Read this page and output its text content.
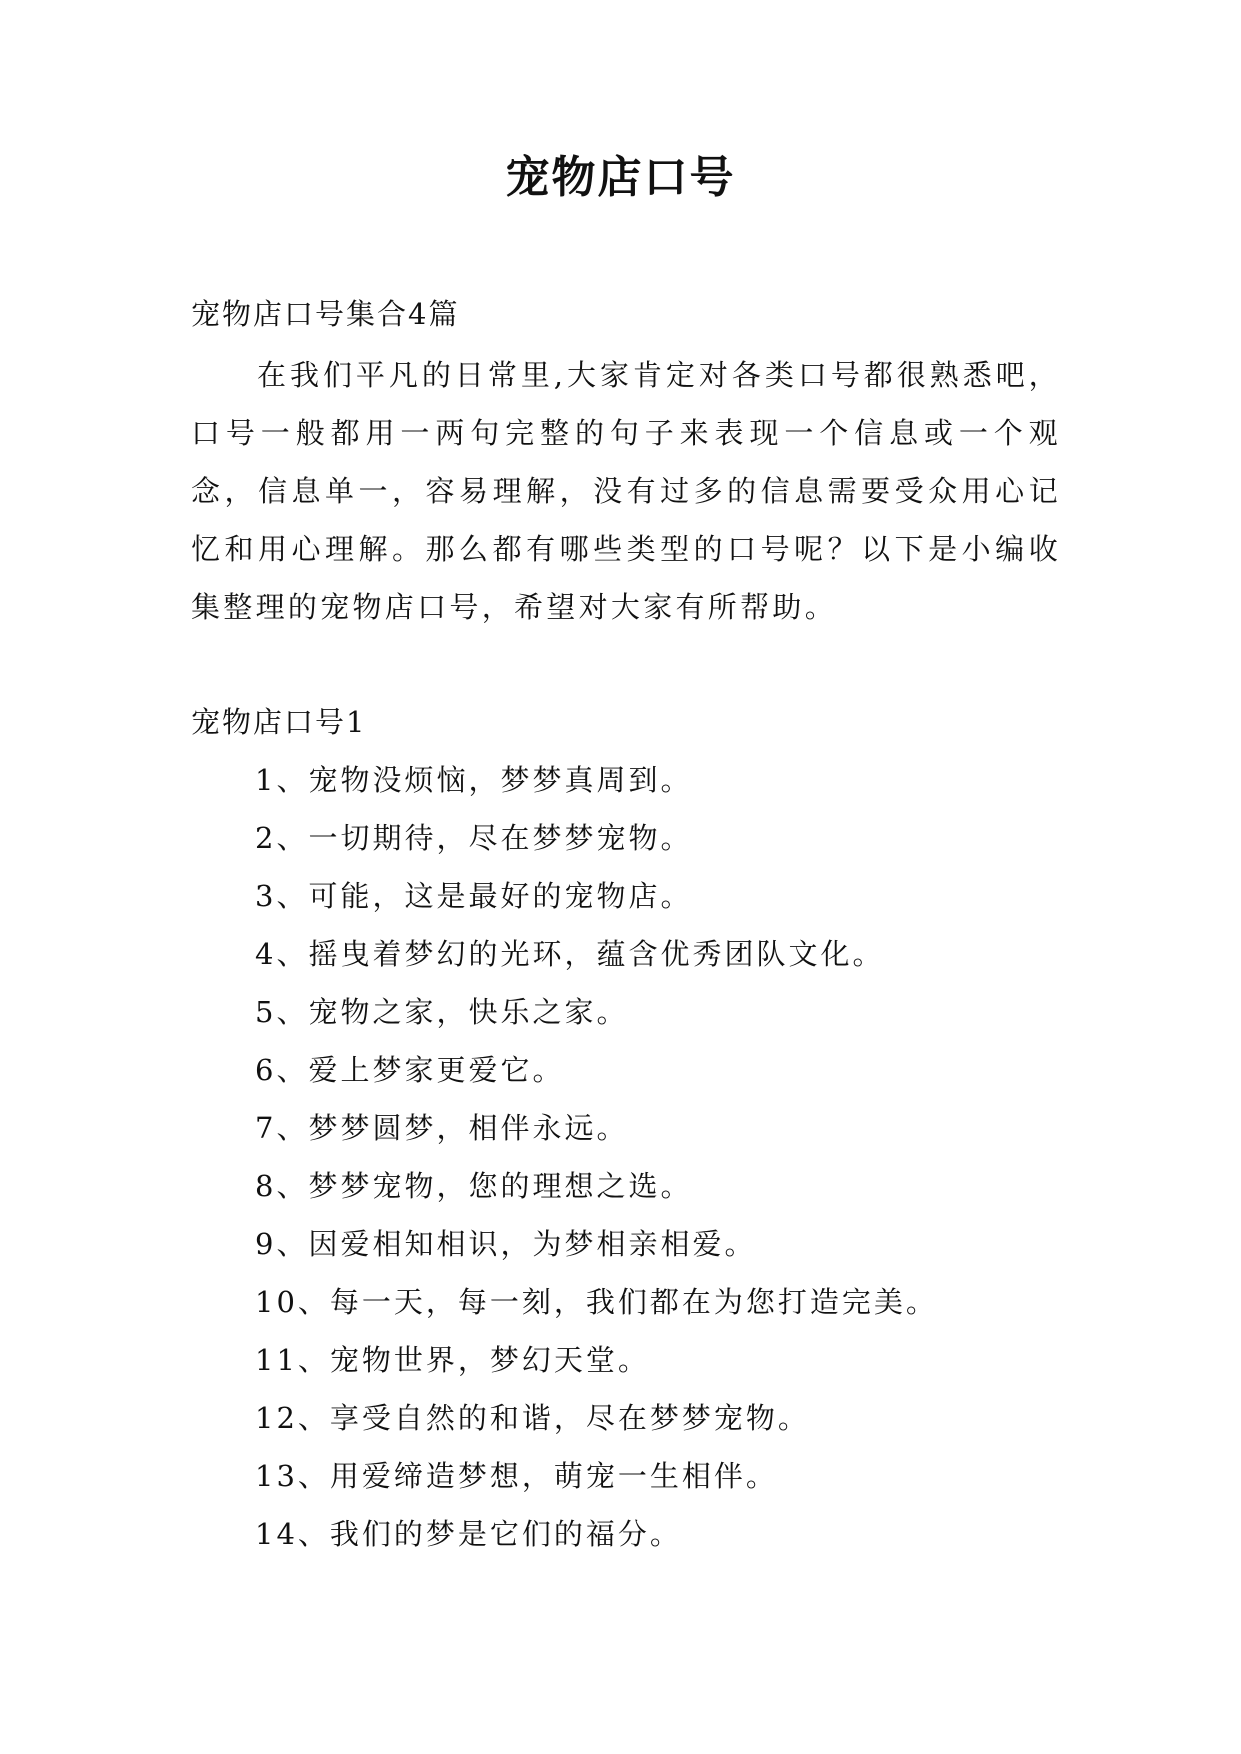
宠物店口号
宠物店口号集合4篇

在我们平凡的日常里,大家肯定对各类口号都很熟悉吧，口号一般都用一两句完整的句子来表现一个信息或一个观念，信息单一，容易理解，没有过多的信息需要受众用心记忆和用心理解。那么都有哪些类型的口号呢？以下是小编收集整理的宠物店口号，希望对大家有所帮助。

宠物店口号1
1、宠物没烦恼，梦梦真周到。
2、一切期待，尽在梦梦宠物。
3、可能，这是最好的宠物店。
4、摇曳着梦幻的光环，蕴含优秀团队文化。
5、宠物之家，快乐之家。
6、爱上梦家更爱它。
7、梦梦圆梦，相伴永远。
8、梦梦宠物，您的理想之选。
9、因爱相知相识，为梦相亲相爱。
10、每一天，每一刻，我们都在为您打造完美。
11、宠物世界，梦幻天堂。
12、享受自然的和谐，尽在梦梦宠物。
13、用爱缔造梦想，萌宠一生相伴。
14、我们的梦是它们的福分。
